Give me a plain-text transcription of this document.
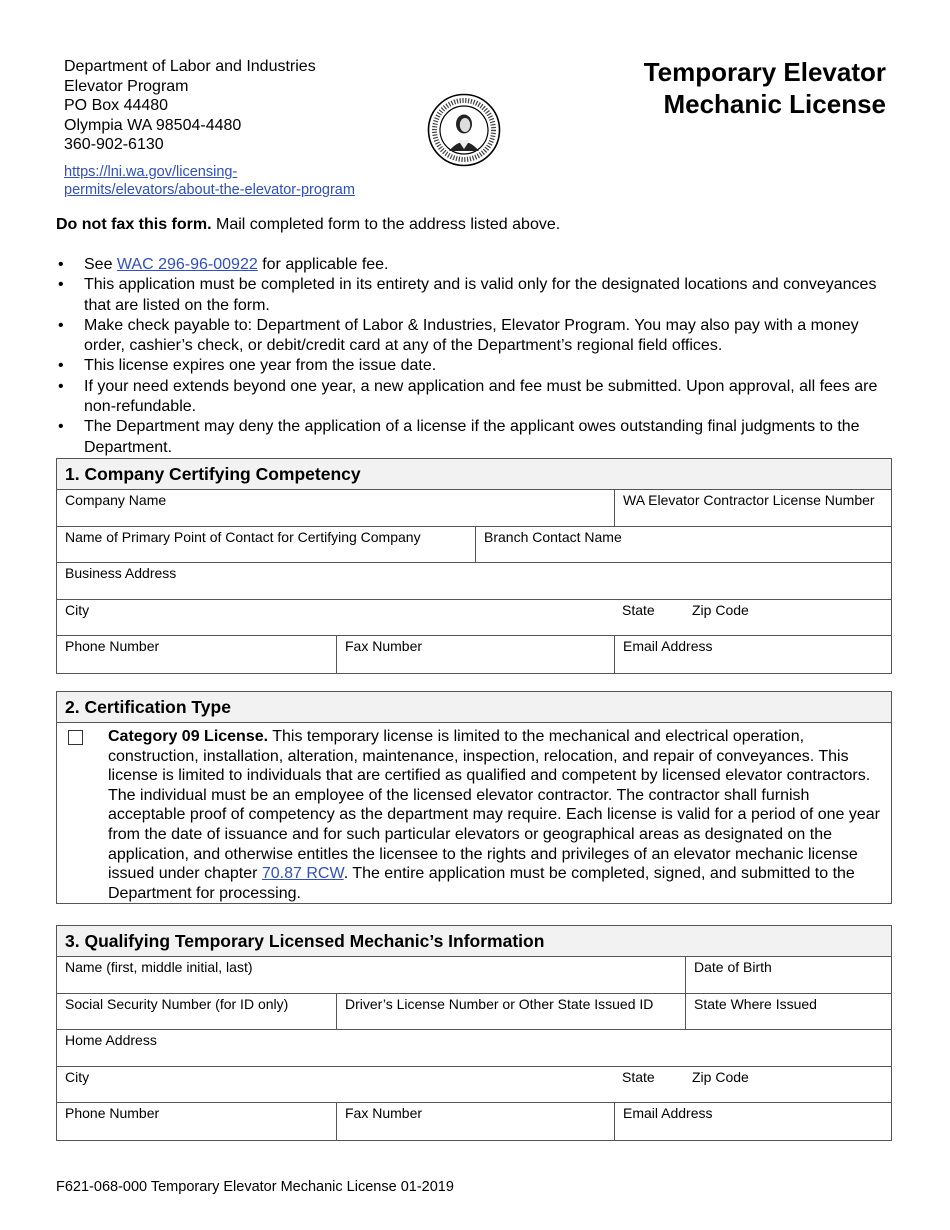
Department of Labor and Industries
Elevator Program
PO Box 44480
Olympia WA 98504-4480
360-902-6130
https://lni.wa.gov/licensing-
permits/elevators/about-the-elevator-program
Temporary Elevator
Mechanic License
Do not fax this form. Mail completed form to the address listed above.
• See WAC 296-96-00922 for applicable fee.
• This application must be completed in its entirety and is valid only for the designated locations and conveyances that are listed on the form.
• Make check payable to: Department of Labor & Industries, Elevator Program. You may also pay with a money order, cashier’s check, or debit/credit card at any of the Department’s regional field offices.
• This license expires one year from the issue date.
• If your need extends beyond one year, a new application and fee must be submitted. Upon approval, all fees are non-refundable.
• The Department may deny the application of a license if the applicant owes outstanding final judgments to the Department.
1. Company Certifying Competency
Company Name	WA Elevator Contractor License Number
Name of Primary Point of Contact for Certifying Company	Branch Contact Name
Business Address
City	State	Zip Code
Phone Number	Fax Number	Email Address
2. Certification Type
Category 09 License. This temporary license is limited to the mechanical and electrical operation, construction, installation, alteration, maintenance, inspection, relocation, and repair of conveyances. This license is limited to individuals that are certified as qualified and competent by licensed elevator contractors. The individual must be an employee of the licensed elevator contractor. The contractor shall furnish acceptable proof of competency as the department may require. Each license is valid for a period of one year from the date of issuance and for such particular elevators or geographical areas as designated on the application, and otherwise entitles the licensee to the rights and privileges of an elevator mechanic license issued under chapter 70.87 RCW. The entire application must be completed, signed, and submitted to the Department for processing.
3. Qualifying Temporary Licensed Mechanic’s Information
Name (first, middle initial, last)	Date of Birth
Social Security Number (for ID only)	Driver’s License Number or Other State Issued ID	State Where Issued
Home Address
City	State	Zip Code
Phone Number	Fax Number	Email Address
F621-068-000 Temporary Elevator Mechanic License 01-2019
